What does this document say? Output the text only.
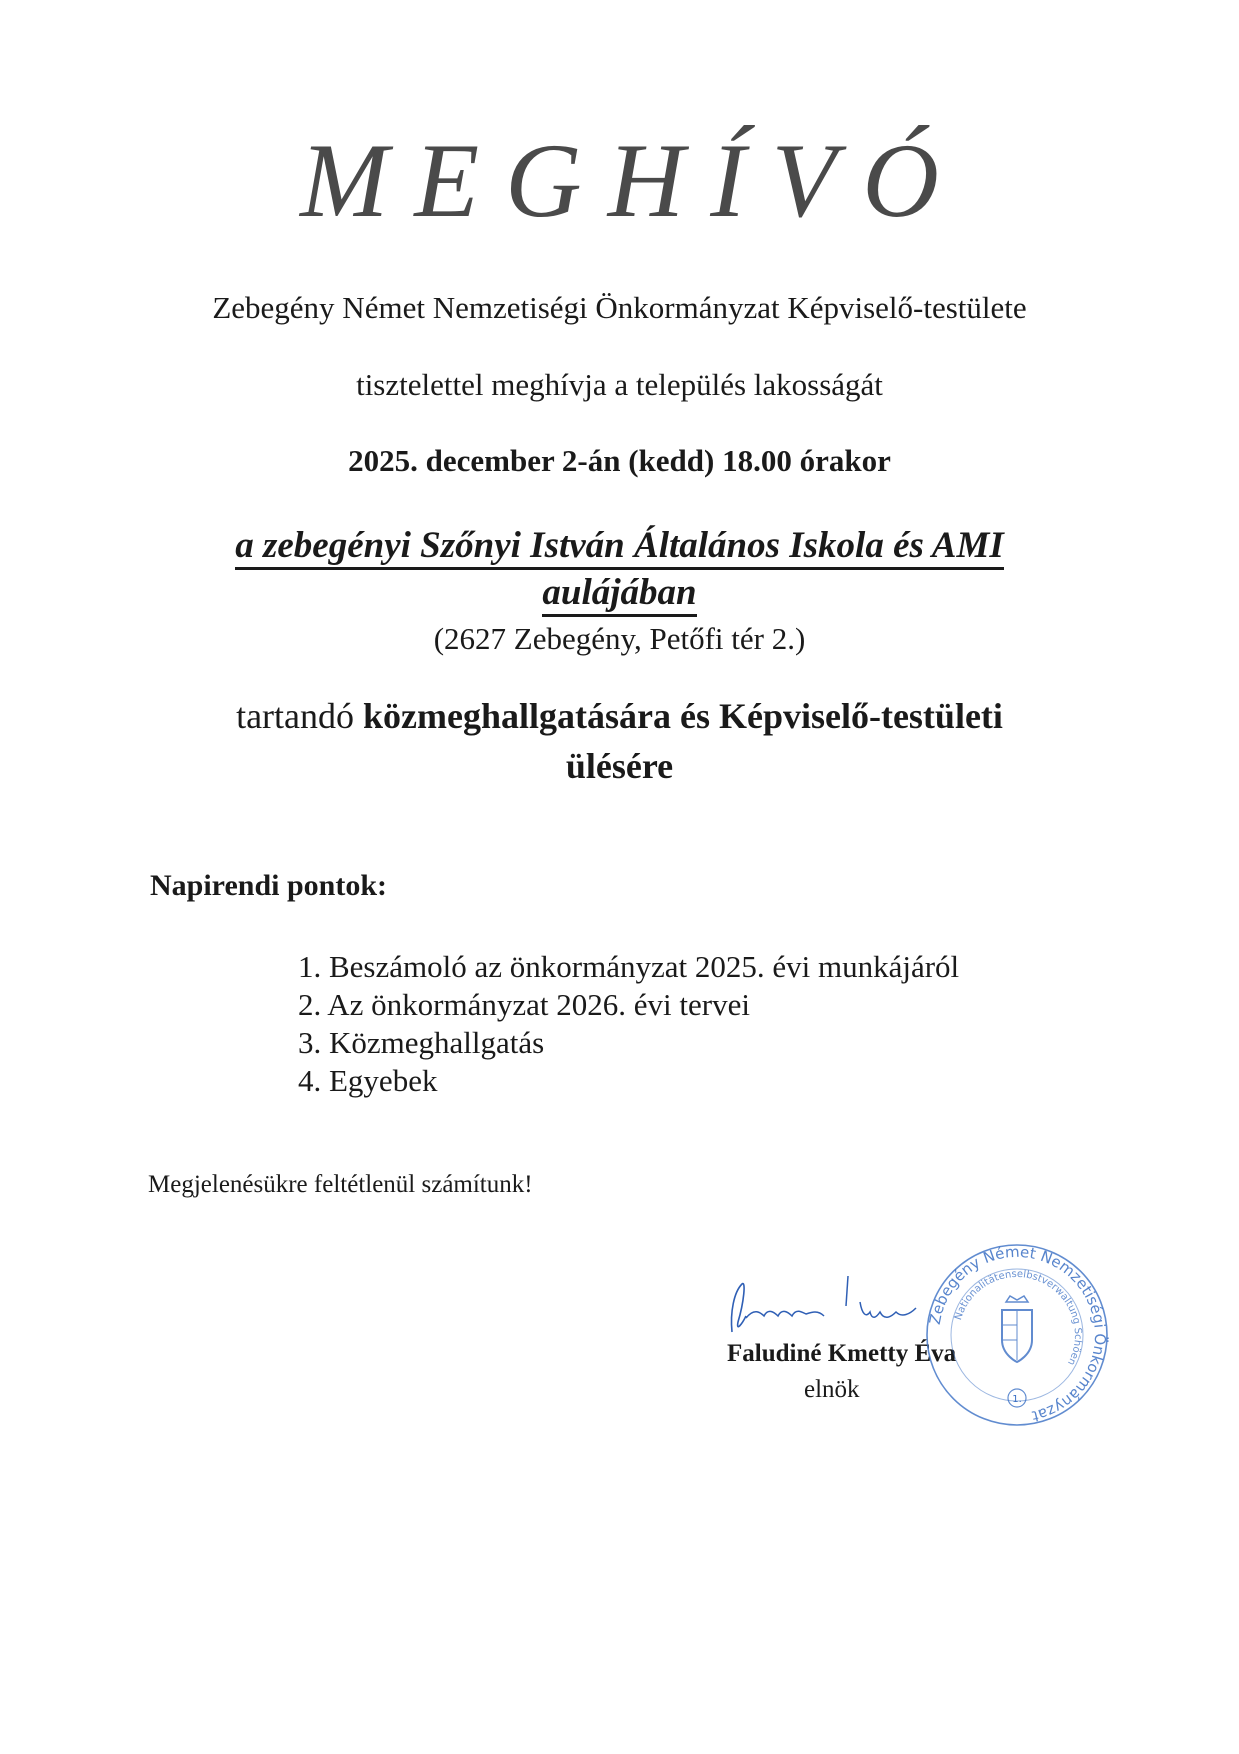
MEGHÍVÓ
Zebegény Német Nemzetiségi Önkormányzat Képviselő-testülete
tisztelettel meghívja a település lakosságát
2025. december 2-án (kedd) 18.00 órakor
a zebegényi Szőnyi István Általános Iskola és AMI
aulájában
(2627 Zebegény, Petőfi tér 2.)
tartandó közmeghallgatására és Képviselő-testületi
ülésére
Napirendi pontok:
1. Beszámoló az önkormányzat 2025. évi munkájáról
2. Az önkormányzat 2026. évi tervei
3. Közmeghallgatás
4. Egyebek
Megjelenésükre feltétlenül számítunk!
Faludiné Kmetty Éva
elnök
Zebegény Német Nemzetiségi Önkormányzat
Nationalitätenselbstverwaltung Schöen
1.
